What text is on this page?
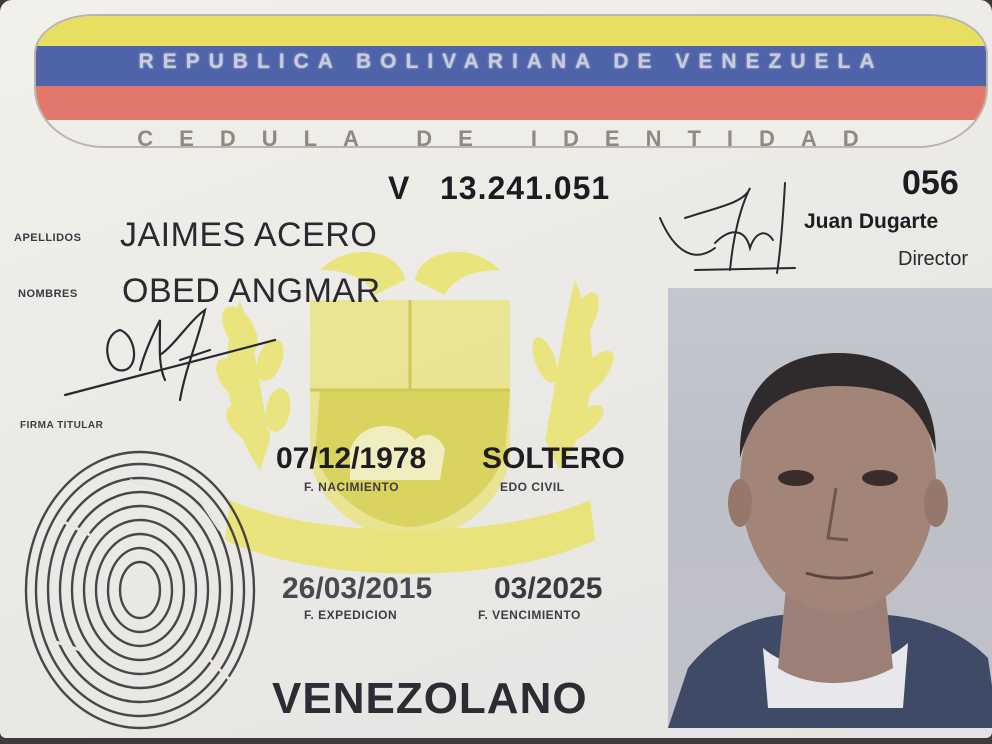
REPUBLICA BOLIVARIANA DE VENEZUELA
CEDULA DE IDENTIDAD
V 13.241.051	056
APELLIDOS JAIMES ACERO
NOMBRES OBED ANGMAR
FIRMA TITULAR
Juan Dugarte
Director
07/12/1978
F. NACIMIENTO
SOLTERO
EDO CIVIL
26/03/2015
F. EXPEDICION
03/2025
F. VENCIMIENTO
VENEZOLANO
